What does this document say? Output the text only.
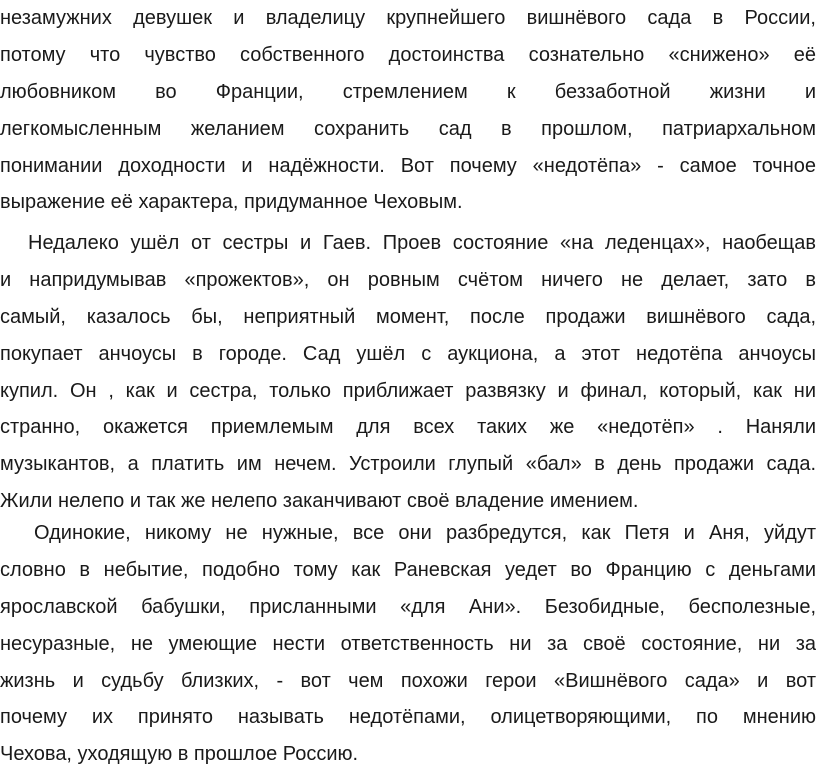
незамужних девушек и владелицу крупнейшего вишнёвого сада в России,
потому что чувство собственного достоинства сознательно «снижено» её
любовником во Франции, стремлением к беззаботной жизни и
легкомысленным желанием сохранить сад в прошлом, патриархальном
понимании доходности и надёжности. Вот почему «недотёпа» - самое точное
выражение её характера, придуманное Чеховым.
Недалеко ушёл от сестры и Гаев. Проев состояние «на леденцах», наобещав
и напридумывав «прожектов», он ровным счётом ничего не делает, зато в
самый, казалось бы, неприятный момент, после продажи вишнёвого сада,
покупает анчоусы в городе. Сад ушёл с аукциона, а этот недотёпа анчоусы
купил. Он , как и сестра, только приближает развязку и финал, который, как ни
странно, окажется приемлемым для всех таких же «недотёп» . Наняли
музыкантов, а платить им нечем. Устроили глупый «бал» в день продажи сада.
Жили нелепо и так же нелепо заканчивают своё владение имением.
Одинокие, никому не нужные, все они разбредутся, как Петя и Аня, уйдут
словно в небытие, подобно тому как Раневская уедет во Францию с деньгами
ярославской бабушки, присланными «для Ани». Безобидные, бесполезные,
несуразные, не умеющие нести ответственность ни за своё состояние, ни за
жизнь и судьбу близких, - вот чем похожи герои «Вишнёвого сада» и вот
почему их принято называть недотёпами, олицетворяющими, по мнению
Чехова, уходящую в прошлое Россию.
